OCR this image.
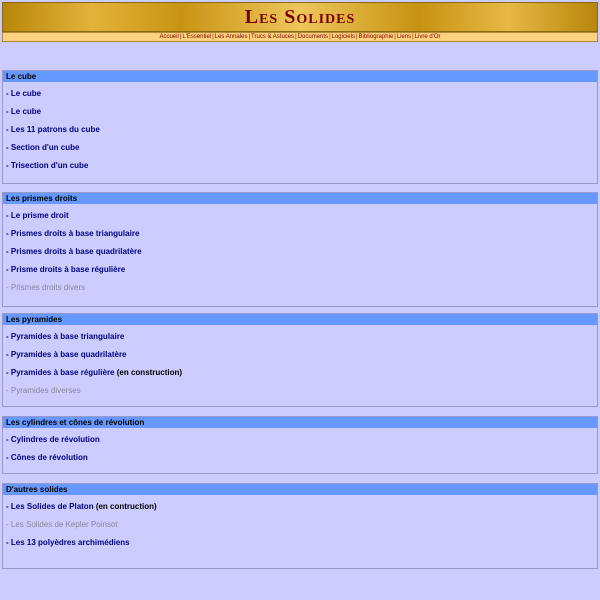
Les Solides
Accueil|L'Essentiel|Les Annales|Trucs & Astuces|Documents|Logiciels|Bibliographie|Liens|Livre d'Or
Le cube
- Le cube
- Le cube
- Les 11 patrons du cube
- Section d'un cube
- Trisection d'un cube
Les prismes droits
- Le prisme droit
- Prismes droits à base triangulaire
- Prismes droits à base quadrilatère
- Prisme droits à base régulière
- Prismes droits divers
Les pyramides
- Pyramides à base triangulaire
- Pyramides à base quadrilatère
- Pyramides à base régulière (en construction)
- Pyramides diverses
Les cylindres et cônes de révolution
- Cylindres de révolution
- Cônes de révolution
D'autres solides
- Les Solides de Platon (en contruction)
- Les Solides de Kepler Poinsot
- Les 13 polyèdres archimédiens
